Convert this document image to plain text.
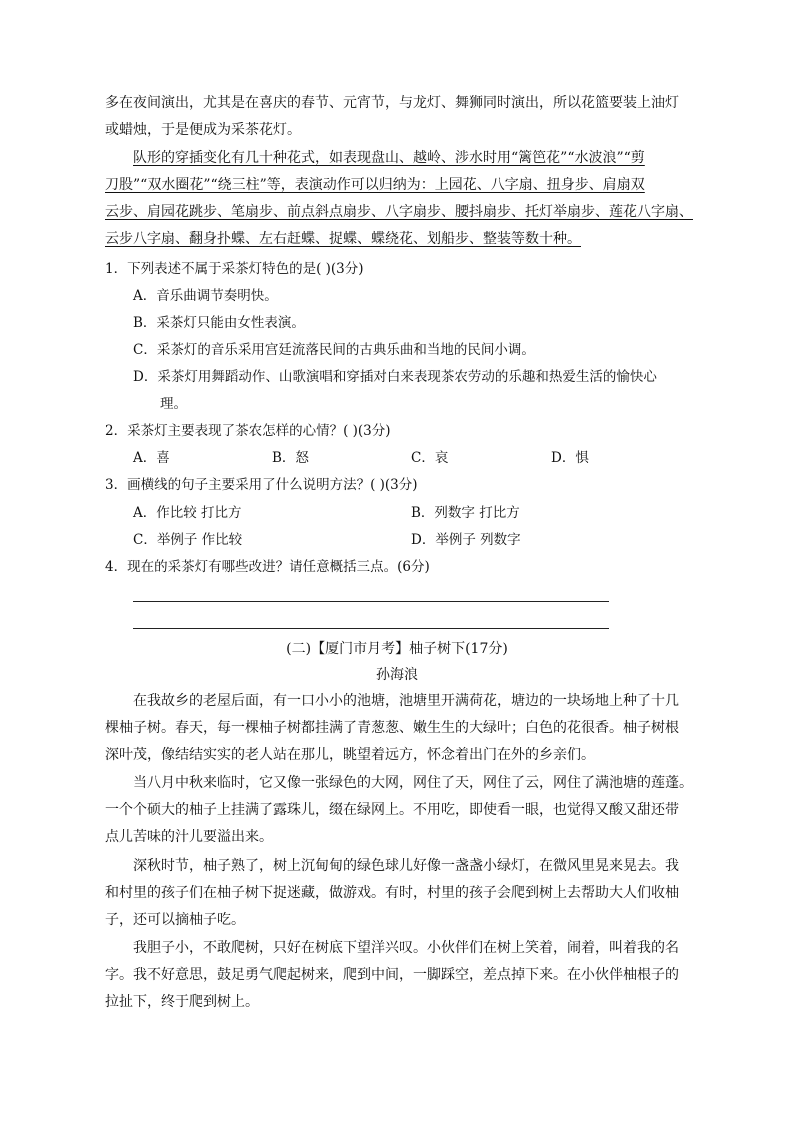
多在夜间演出，尤其是在喜庆的春节、元宵节，与龙灯、舞狮同时演出，所以花篮要装上油灯
或蜡烛，于是便成为采茶花灯。
队形的穿插变化有几十种花式，如表现盘山、越岭、涉水时用“篱笆花”“水波浪”“剪
刀股”“双水圈花”“绕三柱”等，表演动作可以归纳为：上园花、八字扇、扭身步、肩扇双
云步、肩园花跳步、笔扇步、前点斜点扇步、八字扇步、腰抖扇步、托灯举扇步、莲花八字扇、
云步八字扇、翻身扑蝶、左右赶蝶、捉蝶、蝶绕花、划船步、整装等数十种。
1．下列表述不属于采茶灯特色的是( )(3分)
A．音乐曲调节奏明快。
B．采茶灯只能由女性表演。
C．采茶灯的音乐采用宫廷流落民间的古典乐曲和当地的民间小调。
D．采茶灯用舞蹈动作、山歌演唱和穿插对白来表现茶农劳动的乐趣和热爱生活的愉快心
理。
2．采茶灯主要表现了茶农怎样的心情？( )(3分)
A．喜	B．怒	C．哀	D．惧
3．画横线的句子主要采用了什么说明方法？( )(3分)
A．作比较 打比方	B．列数字 打比方
C．举例子 作比较	D．举例子 列数字
4．现在的采茶灯有哪些改进？请任意概括三点。(6分)
(二)【厦门市月考】柚子树下(17分)
孙海浪
在我故乡的老屋后面，有一口小小的池塘，池塘里开满荷花，塘边的一块场地上种了十几
棵柚子树。春天，每一棵柚子树都挂满了青葱葱、嫩生生的大绿叶；白色的花很香。柚子树根
深叶茂，像结结实实的老人站在那儿，眺望着远方，怀念着出门在外的乡亲们。
当八月中秋来临时，它又像一张绿色的大网，网住了天，网住了云，网住了满池塘的莲蓬。
一个个硕大的柚子上挂满了露珠儿，缀在绿网上。不用吃，即使看一眼，也觉得又酸又甜还带
点儿苦味的汁儿要溢出来。
深秋时节，柚子熟了，树上沉甸甸的绿色球儿好像一盏盏小绿灯，在微风里晃来晃去。我
和村里的孩子们在柚子树下捉迷藏，做游戏。有时，村里的孩子会爬到树上去帮助大人们收柚
子，还可以摘柚子吃。
我胆子小，不敢爬树，只好在树底下望洋兴叹。小伙伴们在树上笑着，闹着，叫着我的名
字。我不好意思，鼓足勇气爬起树来，爬到中间，一脚踩空，差点掉下来。在小伙伴柚根子的
拉扯下，终于爬到树上。
